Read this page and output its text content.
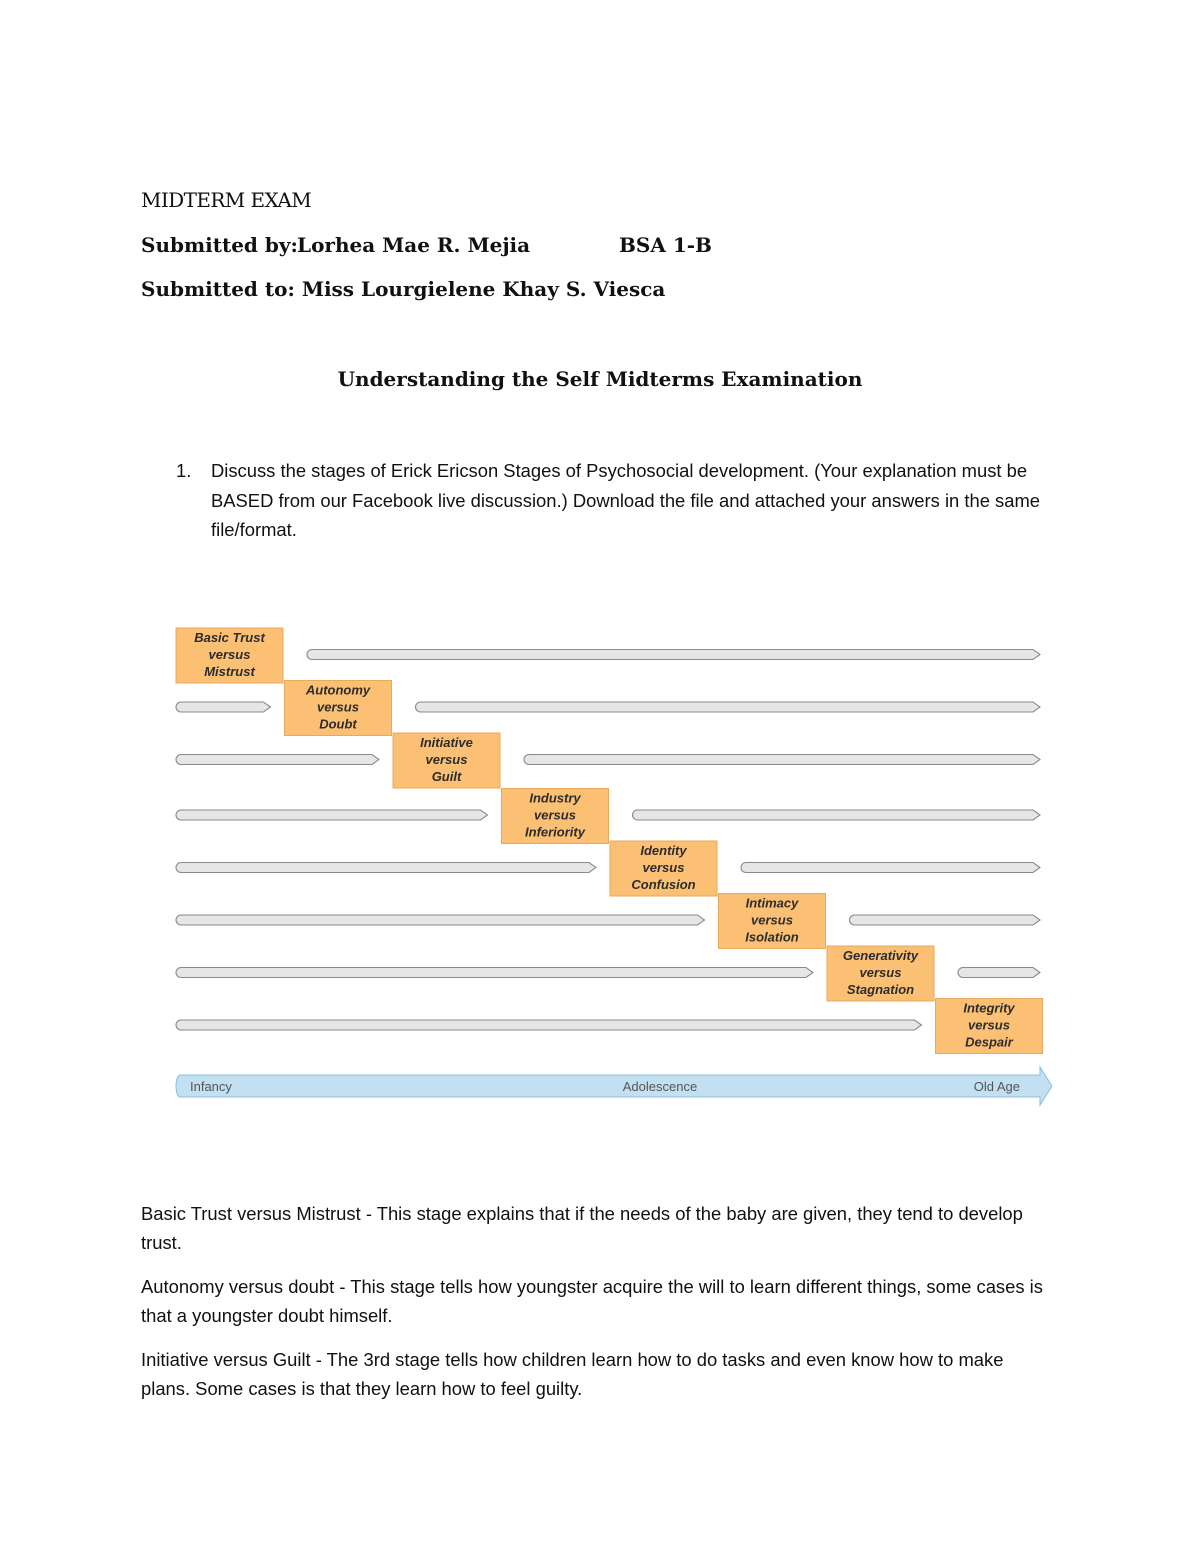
MIDTERM EXAM
Submitted by: Lorhea Mae R. Mejia	BSA 1-B
Submitted to: Miss Lourgielene Khay S. Viesca
Understanding the Self Midterms Examination
1. Discuss the stages of Erick Ericson Stages of Psychosocial development. (Your explanation must be BASED from our Facebook live discussion.) Download the file and attached your answers in the same file/format.
Basic Trust
versus
Mistrust
Autonomy
versus
Doubt
Initiative
versus
Guilt
Industry
versus
Inferiority
Identity
versus
Confusion
Intimacy
versus
Isolation
Generativity
versus
Stagnation
Integrity
versus
Despair
Infancy	Adolescence	Old Age
Basic Trust versus Mistrust - This stage explains that if the needs of the baby are given, they tend to develop trust.
Autonomy versus doubt - This stage tells how youngster acquire the will to learn different things, some cases is that a youngster doubt himself.
Initiative versus Guilt - The 3rd stage tells how children learn how to do tasks and even know how to make plans. Some cases is that they learn how to feel guilty.
